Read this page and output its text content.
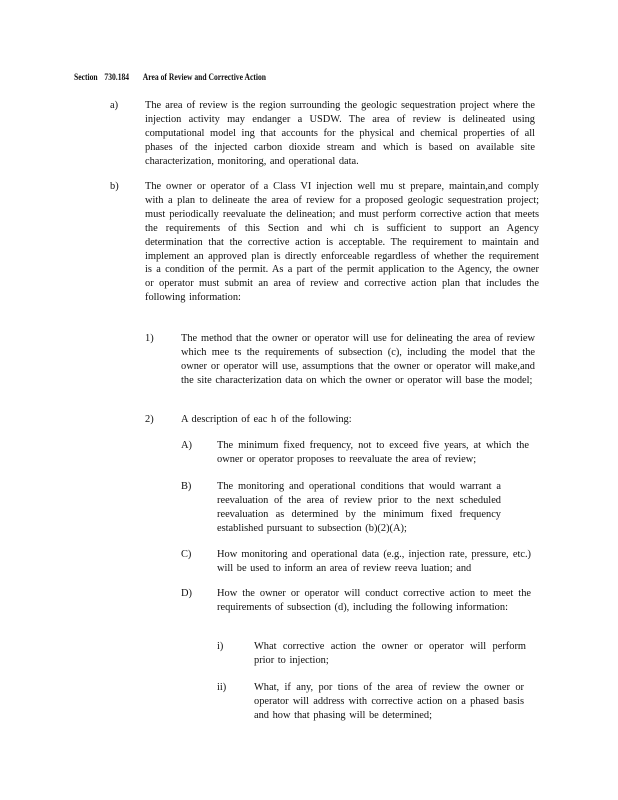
Section 730.184 Area of Review and Corrective Action
a)	The area of review is the region surrounding the geologic sequestration project where the injection activity may endanger a USDW. The area of review is delineated using computational model ing that accounts for the physical and chemical properties of all phases of the injected carbon dioxide stream and which is based on available site characterization, monitoring, and operational data.
b)	The owner or operator of a Class VI injection well mu st prepare, maintain,and comply with a plan to delineate the area of review for a proposed geologic sequestration project; must periodically reevaluate the delineation; and must perform corrective action that meets the requirements of this Section and whi ch is sufficient to support an Agency determination that the corrective action is acceptable. The requirement to maintain and implement an approved plan is directly enforceable regardless of whether the requirement is a condition of the permit. As a part of the permit application to the Agency, the owner or operator must submit an area of review and corrective action plan that includes the following information:
1)	The method that the owner or operator will use for delineating the area of review which mee ts the requirements of subsection (c), including the model that the owner or operator will use, assumptions that the owner or operator will make,and the site characterization data on which the owner or operator will base the model;
2)	A description of eac h of the following:
A) The minimum fixed frequency, not to exceed five years, at which the owner or operator proposes to reevaluate the area of review;
B) The monitoring and operational conditions that would warrant a reevaluation of the area of review prior to the next scheduled reevaluation as determined by the minimum fixed frequency established pursuant to subsection (b)(2)(A);
C) How monitoring and operational data (e.g., injection rate, pressure, etc.) will be used to inform an area of review reeva luation; and
D) How the owner or operator will conduct corrective action to meet the requirements of subsection (d), including the following information:
i)	What corrective action the owner or operator will perform prior to injection;
ii)	What, if any, por tions of the area of review the owner or operator will address with corrective action on a phased basis and how that phasing will be determined;
